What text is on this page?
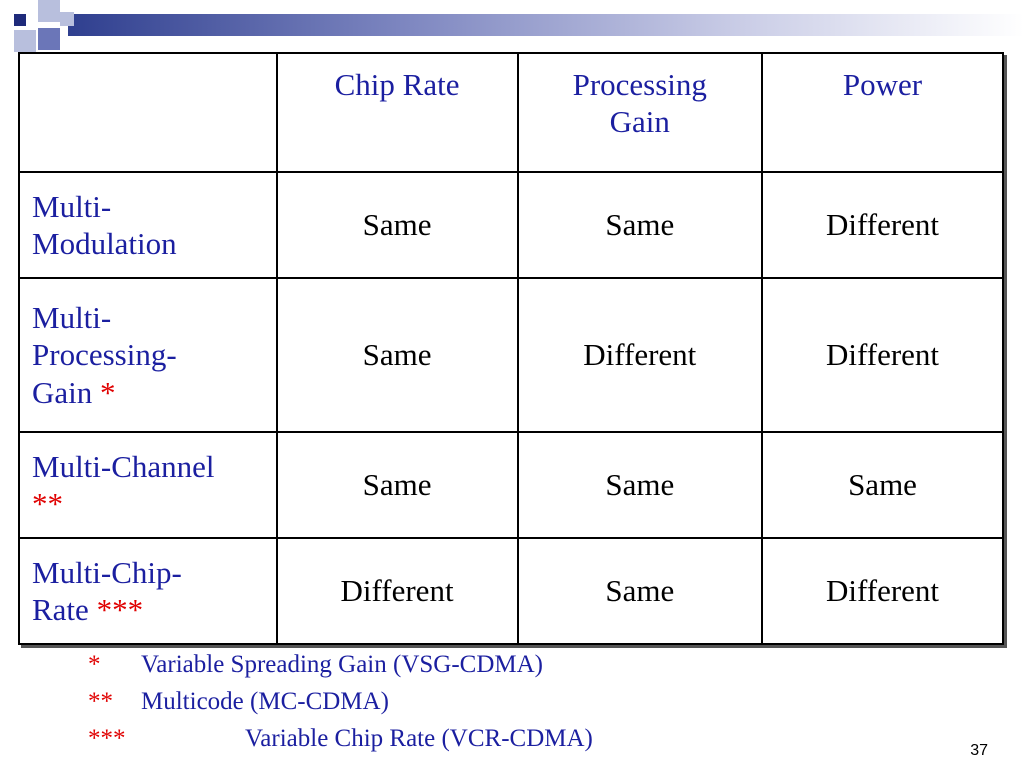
	Chip Rate	Processing Gain	Power

Multi-Modulation	Same	Same	Different

Multi-Processing-Gain *	Same	Different	Different

Multi-Channel **	Same	Same	Same

Multi-Chip-Rate ***	Different	Same	Different
* Variable Spreading Gain (VSG-CDMA)
** Multicode (MC-CDMA)
***	Variable Chip Rate (VCR-CDMA)	37
